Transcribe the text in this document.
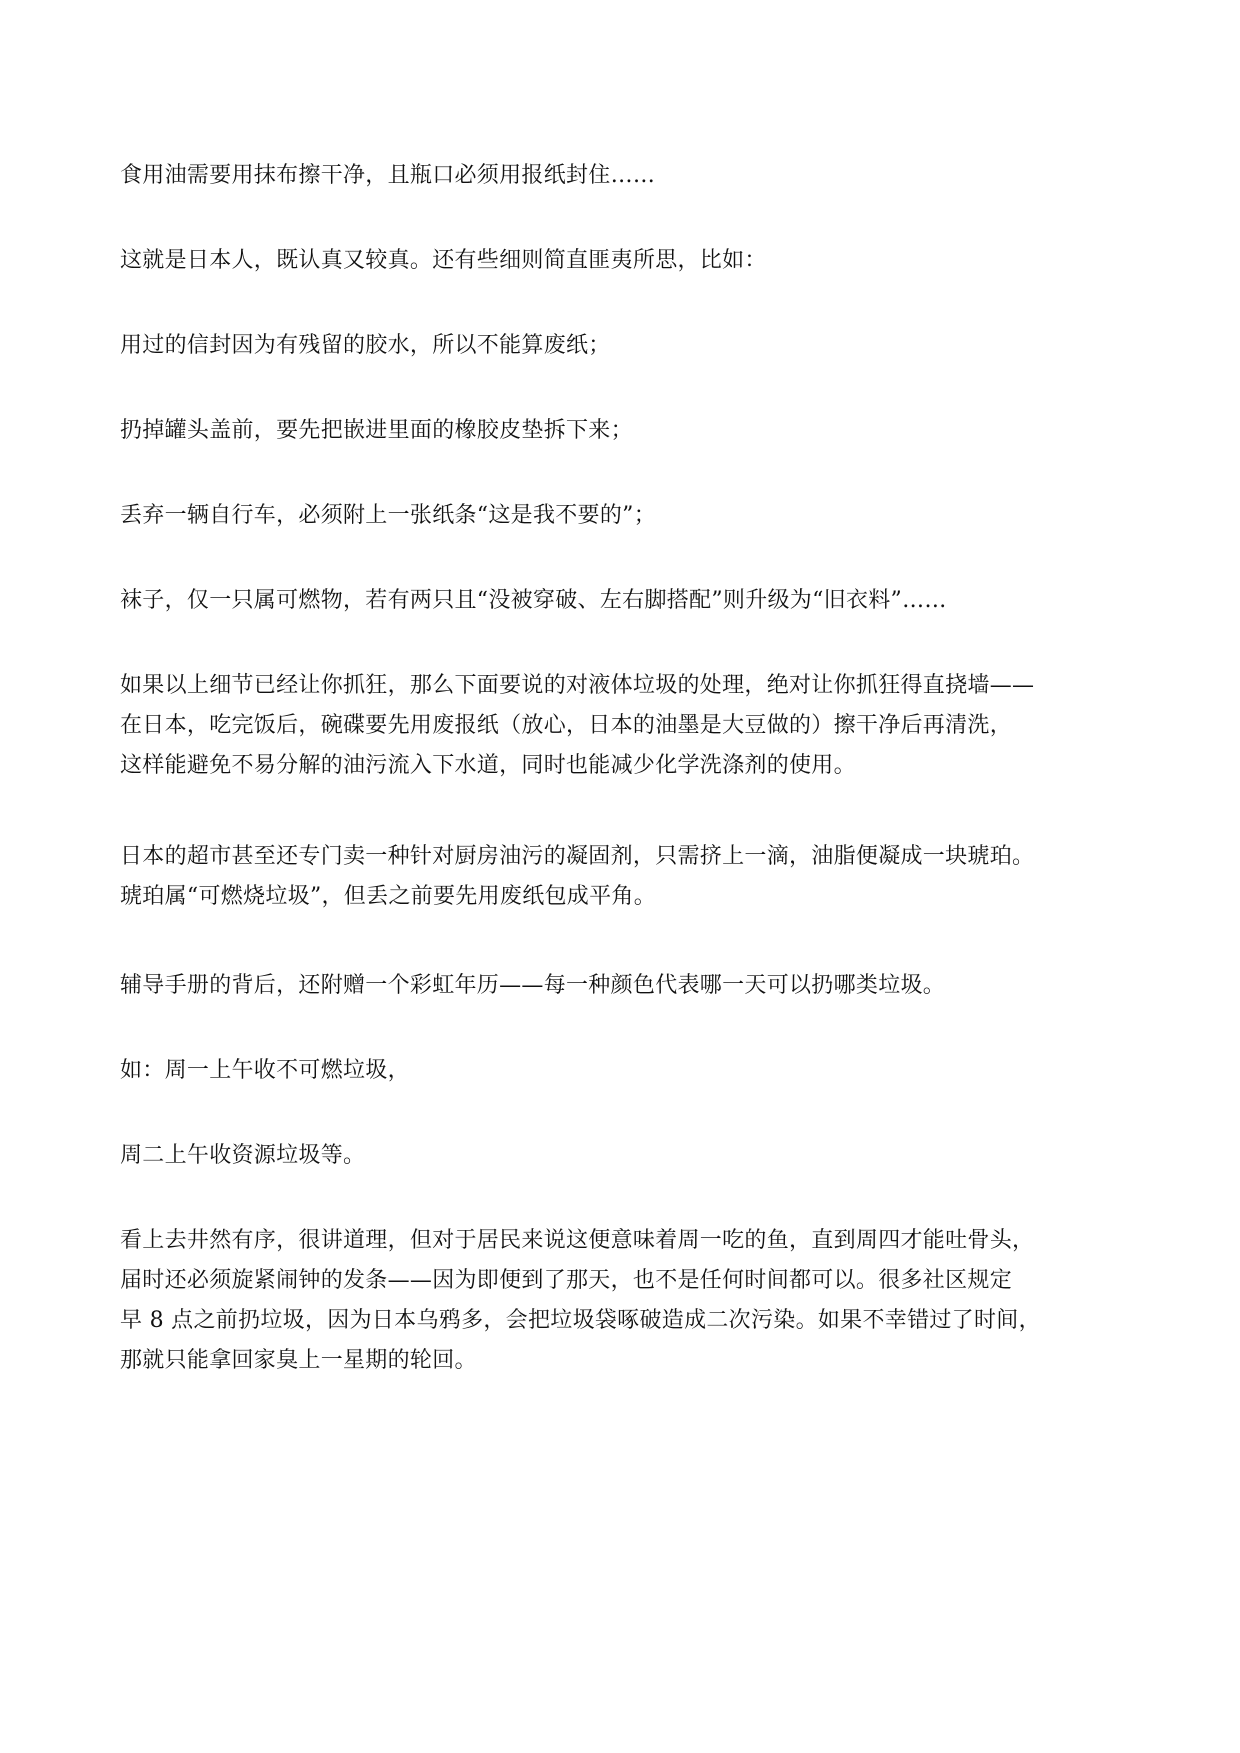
食用油需要用抹布擦干净，且瓶口必须用报纸封住……

这就是日本人，既认真又较真。还有些细则简直匪夷所思，比如：

用过的信封因为有残留的胶水，所以不能算废纸；

扔掉罐头盖前，要先把嵌进里面的橡胶皮垫拆下来；

丢弃一辆自行车，必须附上一张纸条“这是我不要的”；

袜子，仅一只属可燃物，若有两只且“没被穿破、左右脚搭配”则升级为“旧衣料”……

如果以上细节已经让你抓狂，那么下面要说的对液体垃圾的处理，绝对让你抓狂得直挠墙——
在日本，吃完饭后，碗碟要先用废报纸（放心，日本的油墨是大豆做的）擦干净后再清洗，
这样能避免不易分解的油污流入下水道，同时也能减少化学洗涤剂的使用。

日本的超市甚至还专门卖一种针对厨房油污的凝固剂，只需挤上一滴，油脂便凝成一块琥珀。
琥珀属“可燃烧垃圾”，但丢之前要先用废纸包成平角。

辅导手册的背后，还附赠一个彩虹年历——每一种颜色代表哪一天可以扔哪类垃圾。

如：周一上午收不可燃垃圾，

周二上午收资源垃圾等。

看上去井然有序，很讲道理，但对于居民来说这便意味着周一吃的鱼，直到周四才能吐骨头，
届时还必须旋紧闹钟的发条——因为即便到了那天，也不是任何时间都可以。很多社区规定
早 8 点之前扔垃圾，因为日本乌鸦多，会把垃圾袋啄破造成二次污染。如果不幸错过了时间，
那就只能拿回家臭上一星期的轮回。
